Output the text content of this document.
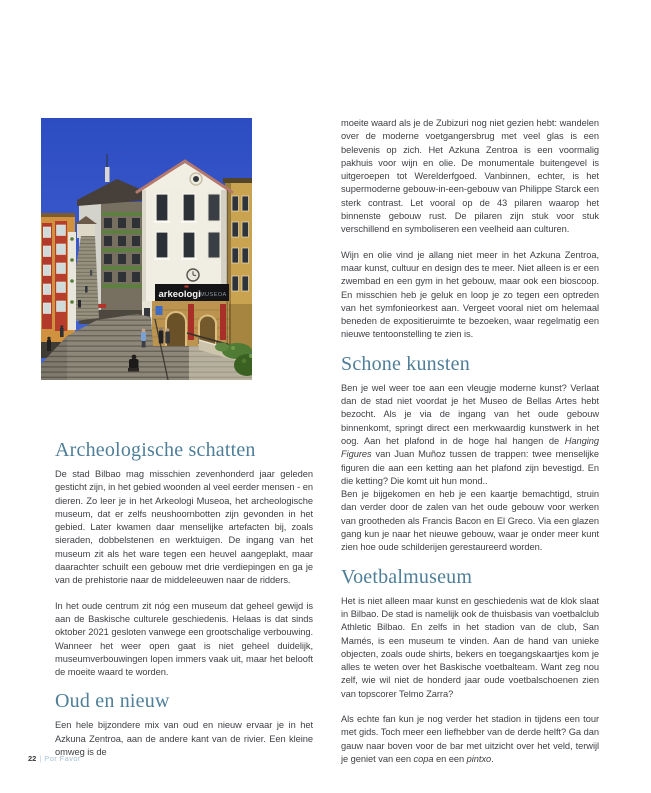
arkeologi MUSEOA
Archeologische schatten

De stad Bilbao mag misschien zevenhonderd jaar geleden gesticht zijn, in het gebied woonden al veel eerder mensen - en dieren. Zo leer je in het Arkeologi Museoa, het archeologische museum, dat er zelfs neushoornbotten zijn gevonden in het gebied. Later kwamen daar menselijke artefacten bij, zoals sieraden, dobbelstenen en werktuigen. De ingang van het museum zit als het ware tegen een heuvel aangeplakt, maar daarachter schuilt een gebouw met drie verdiepingen en ga je van de prehistorie naar de middeleeuwen naar de ridders.

In het oude centrum zit nóg een museum dat geheel gewijd is aan de Baskische culturele geschiedenis. Helaas is dat sinds oktober 2021 gesloten vanwege een grootschalige verbouwing. Wanneer het weer open gaat is niet geheel duidelijk, museumverbouwingen lopen immers vaak uit, maar het belooft de moeite waard te worden.

Oud en nieuw

Een hele bijzondere mix van oud en nieuw ervaar je in het Azkuna Zentroa, aan de andere kant van de rivier. Een kleine omweg is de

moeite waard als je de Zubizuri nog niet gezien hebt: wandelen over de moderne voetgangersbrug met veel glas is een belevenis op zich. Het Azkuna Zentroa is een voormalig pakhuis voor wijn en olie. De monumentale buitengevel is uitgeroepen tot Werelderfgoed. Vanbinnen, echter, is het supermoderne gebouw-in-een-gebouw van Philippe Starck een sterk contrast. Let vooral op de 43 pilaren waarop het binnenste gebouw rust. De pilaren zijn stuk voor stuk verschillend en symboliseren een veelheid aan culturen.

Wijn en olie vind je allang niet meer in het Azkuna Zentroa, maar kunst, cultuur en design des te meer. Niet alleen is er een zwembad en een gym in het gebouw, maar ook een bioscoop. En misschien heb je geluk en loop je zo tegen een optreden van het symfonieorkest aan. Vergeet vooral niet om helemaal beneden de expositieruimte te bezoeken, waar regelmatig een nieuwe tentoonstelling te zien is.

Schone kunsten

Ben je wel weer toe aan een vleugje moderne kunst? Verlaat dan de stad niet voordat je het Museo de Bellas Artes hebt bezocht. Als je via de ingang van het oude gebouw binnenkomt, springt direct een merkwaardig kunstwerk in het oog. Aan het plafond in de hoge hal hangen de Hanging Figures van Juan Muñoz tussen de trappen: twee menselijke figuren die aan een ketting aan het plafond zijn bevestigd. En die ketting? Die komt uit hun mond..

Ben je bijgekomen en heb je een kaartje bemachtigd, struin dan verder door de zalen van het oude gebouw voor werken van grootheden als Francis Bacon en El Greco. Via een glazen gang kun je naar het nieuwe gebouw, waar je onder meer kunt zien hoe oude schilderijen gerestaureerd worden.

Voetbalmuseum

Het is niet alleen maar kunst en geschiedenis wat de klok slaat in Bilbao. De stad is namelijk ook de thuisbasis van voetbalclub Athletic Bilbao. En zelfs in het stadion van de club, San Mamés, is een museum te vinden. Aan de hand van unieke objecten, zoals oude shirts, bekers en toegangskaartjes kom je alles te weten over het Baskische voetbalteam. Want zeg nou zelf, wie wil niet de honderd jaar oude voetbalschoenen zien van topscorer Telmo Zarra?

Als echte fan kun je nog verder het stadion in tijdens een tour met gids. Toch meer een liefhebber van de derde helft? Ga dan gauw naar boven voor de bar met uitzicht over het veld, terwijl je geniet van een copa en een pintxo.

22 | Por Favor
